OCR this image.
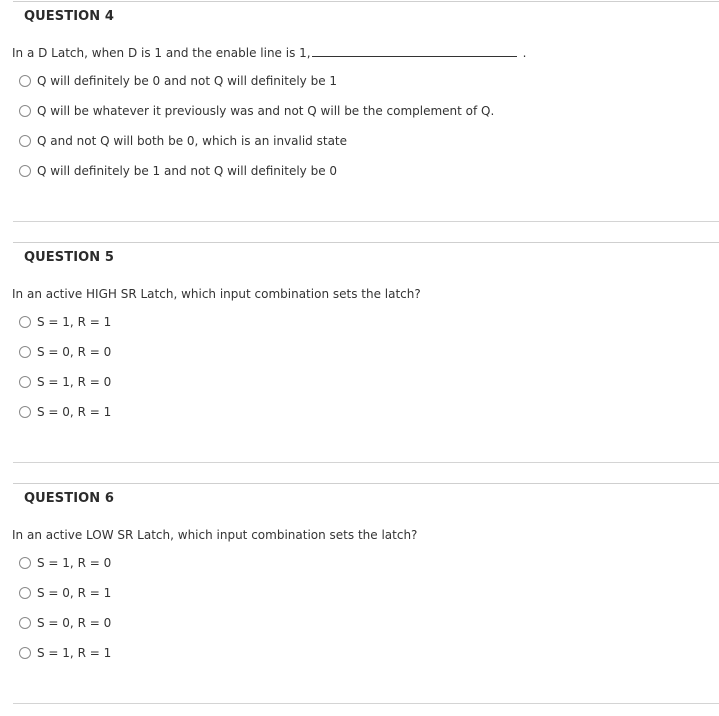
QUESTION 4
In a D Latch, when D is 1 and the enable line is 1,	.
Q will definitely be 0 and not Q will definitely be 1
Q will be whatever it previously was and not Q will be the complement of Q.
Q and not Q will both be 0, which is an invalid state
Q will definitely be 1 and not Q will definitely be 0
QUESTION 5
In an active HIGH SR Latch, which input combination sets the latch?
S = 1, R = 1
S = 0, R = 0
S = 1, R = 0
S = 0, R = 1
QUESTION 6
In an active LOW SR Latch, which input combination sets the latch?
S = 1, R = 0
S = 0, R = 1
S = 0, R = 0
S = 1, R = 1
